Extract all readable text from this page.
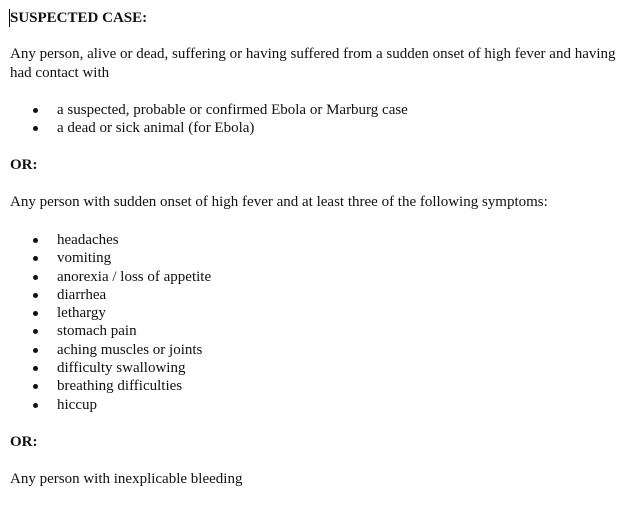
SUSPECTED CASE:

Any person, alive or dead, suffering or having suffered from a sudden onset of high fever and having had contact with

a suspected, probable or confirmed Ebola or Marburg case
a dead or sick animal (for Ebola)
OR:

Any person with sudden onset of high fever and at least three of the following symptoms:

headaches
vomiting
anorexia / loss of appetite
diarrhea
lethargy
stomach pain
aching muscles or joints
difficulty swallowing
breathing difficulties
hiccup
OR:

Any person with inexplicable bleeding
